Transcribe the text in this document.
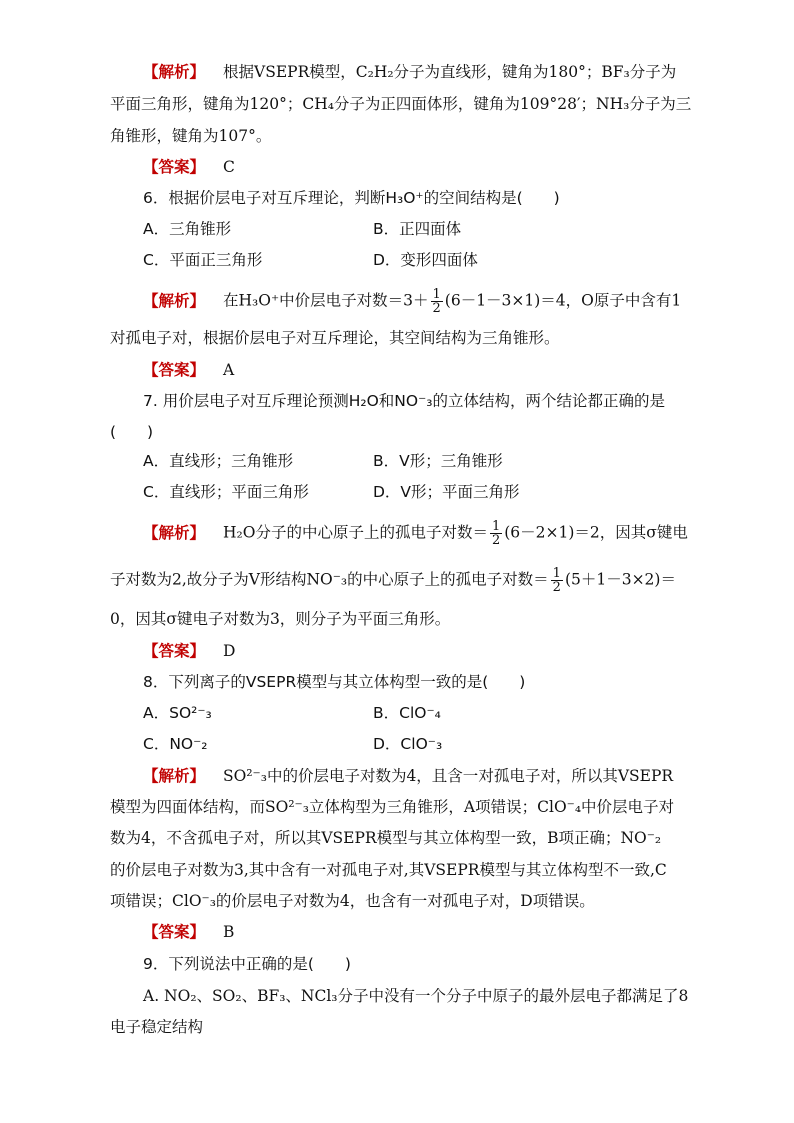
【解析】 根据VSEPR模型，C₂H₂分子为直线形，键角为180°；BF₃分子为
平面三角形，键角为120°；CH₄分子为正四面体形，键角为109°28′；NH₃分子为三
角锥形，键角为107°。
【答案】 C
6．根据价层电子对互斥理论，判断H₃O⁺的空间结构是(　　)
A．三角锥形	B．正四面体
C．平面正三角形	D．变形四面体
【解析】 在H₃O⁺中价层电子对数$=3+ \frac{1}{2} (6-1-3\times 1)=4$，O原子中含有1
对孤电子对，根据价层电子对互斥理论，其空间结构为三角锥形。
【答案】 A
7. 用价层电子对互斥理论预测H₂O和NO⁻₃的立体结构，两个结论都正确的是
(　　)
A．直线形；三角锥形	B．V形；三角锥形
C．直线形；平面三角形	D．V形；平面三角形
【解析】 H₂O分子的中心原子上的孤电子对数＝ $\frac{1}{2} (6-2\times 1)=2$，因其σ键电
子对数为2,故分子为V形结构NO⁻₃的中心原子上的孤电子对数＝ $\frac{1}{2} (5+1-3\times 2)=$
0，因其σ键电子对数为3，则分子为平面三角形。
【答案】 D
8．下列离子的VSEPR模型与其立体构型一致的是(　　)
A．SO²⁻₃	B．ClO⁻₄
C．NO⁻₂	D．ClO⁻₃
【解析】 SO²⁻₃中的价层电子对数为4，且含一对孤电子对，所以其VSEPR
模型为四面体结构，而SO²⁻₃立体构型为三角锥形，A项错误；ClO⁻₄中价层电子对
数为4，不含孤电子对，所以其VSEPR模型与其立体构型一致，B项正确；NO⁻₂
的价层电子对数为3,其中含有一对孤电子对,其VSEPR模型与其立体构型不一致,C
项错误；ClO⁻₃的价层电子对数为4，也含有一对孤电子对，D项错误。
【答案】 B
9．下列说法中正确的是(　　)
A. NO₂、SO₂、BF₃、NCl₃分子中没有一个分子中原子的最外层电子都满足了8
电子稳定结构
